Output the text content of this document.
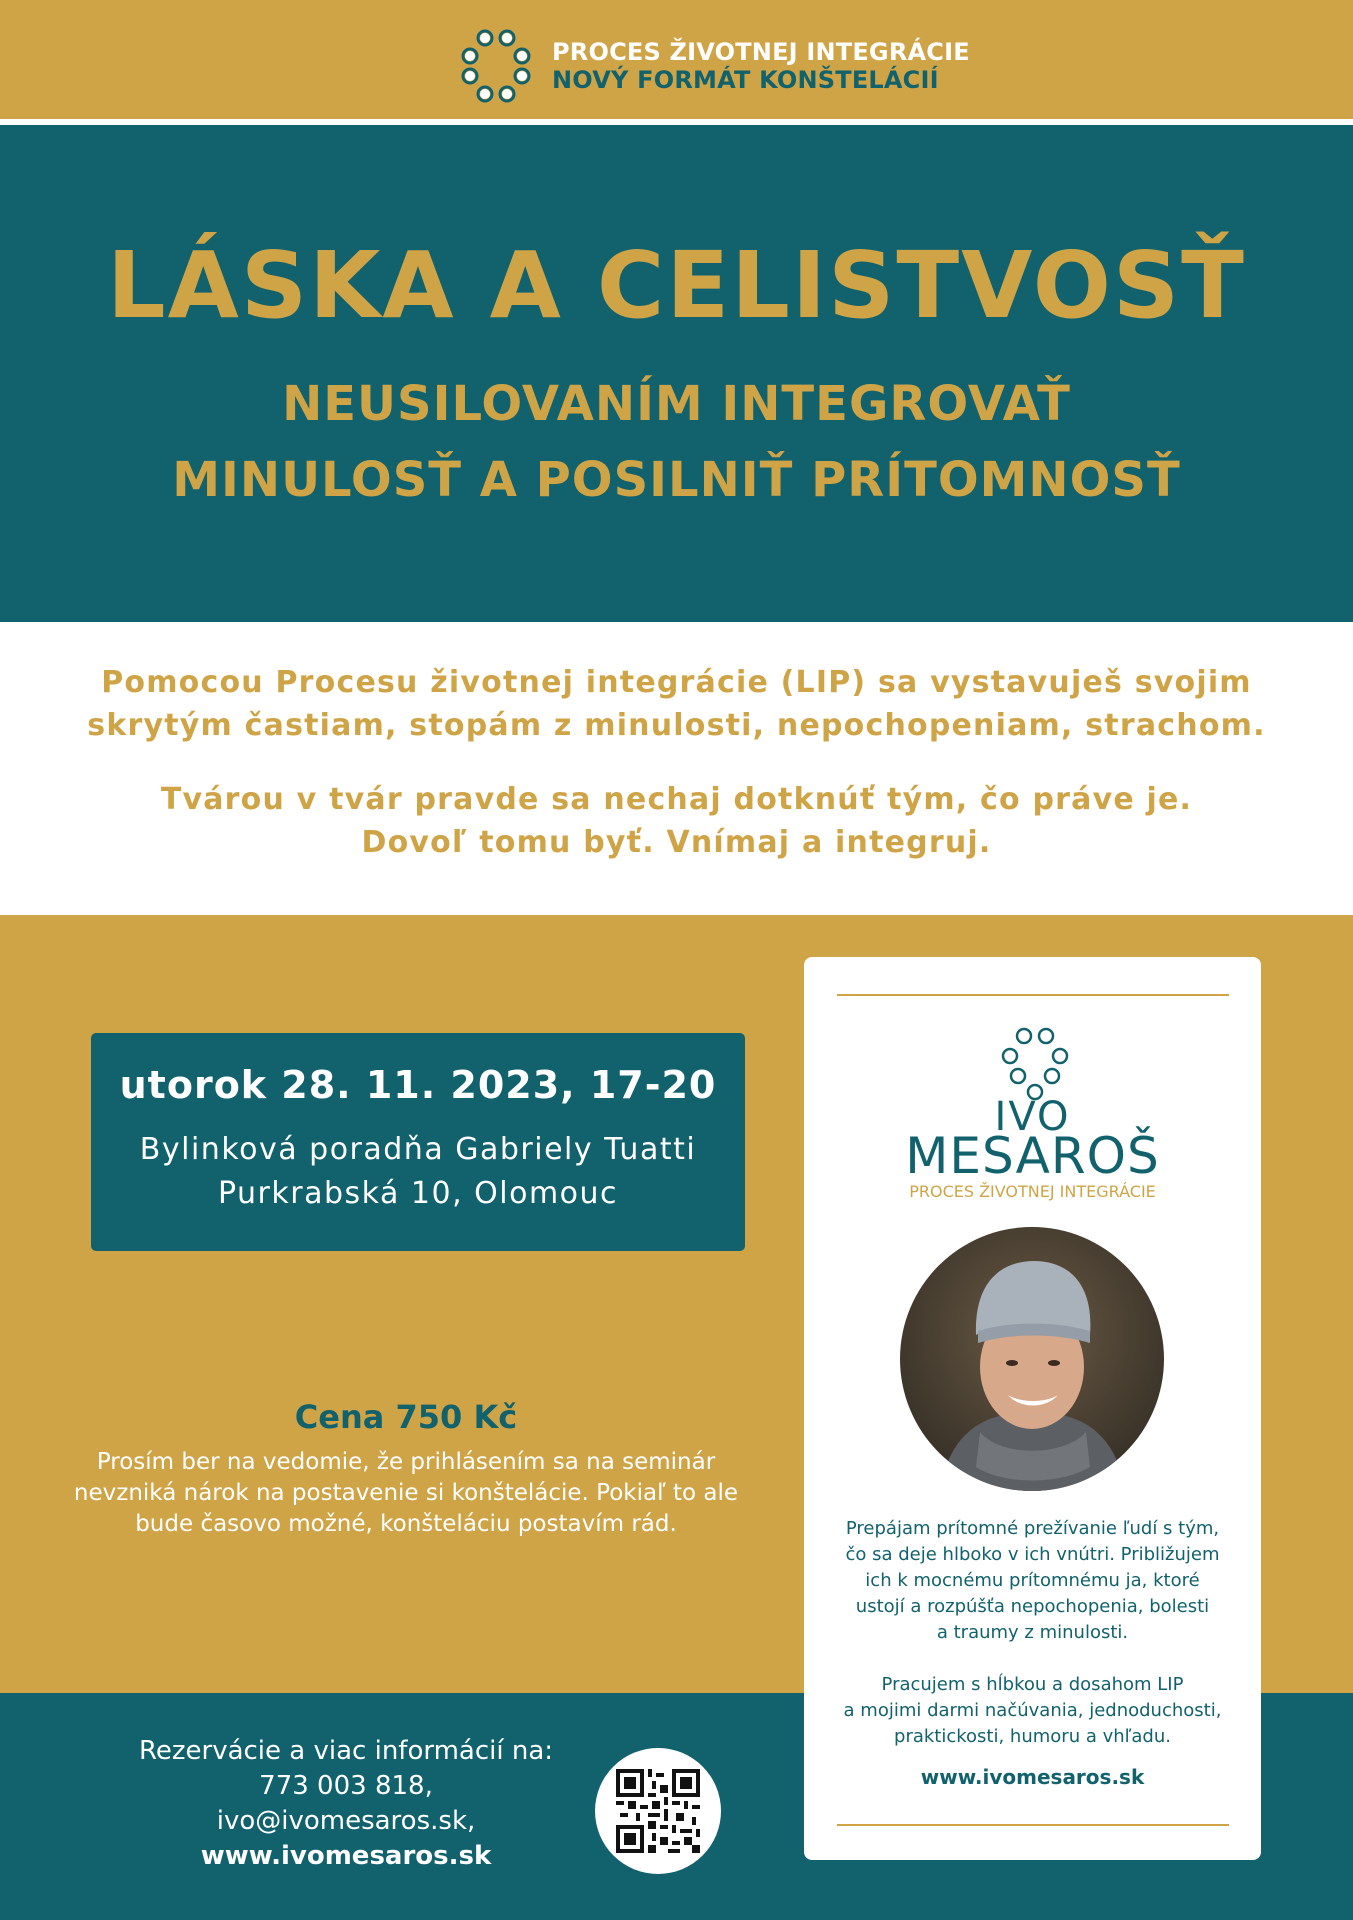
PROCES ŽIVOTNEJ INTEGRÁCIE
NOVÝ FORMÁT KONŠTELÁCIÍ
LÁSKA A CELISTVOSŤ
NEUSILOVANÍM INTEGROVAŤ
MINULOSŤ A POSILNIŤ PRÍTOMNOSŤ
Pomocou Procesu životnej integrácie (LIP) sa vystavuješ svojim
skrytým častiam, stopám z minulosti, nepochopeniam, strachom.
Tvárou v tvár pravde sa nechaj dotknúť tým, čo práve je.
Dovoľ tomu byť. Vnímaj a integruj.
utorok 28. 11. 2023, 17-20
Bylinková poradňa Gabriely Tuatti
Purkrabská 10, Olomouc
Cena 750 Kč
Prosím ber na vedomie, že prihlásením sa na seminár
nevzniká nárok na postavenie si konštelácie. Pokiaľ to ale
bude časovo možné, konšteláciu postavím rád.
Rezervácie a viac informácií na:
773 003 818,
ivo@ivomesaros.sk,
www.ivomesaros.sk
IVO
MESAROŠ
PROCES ŽIVOTNEJ INTEGRÁCIE
Prepájam prítomné prežívanie ľudí s tým,
čo sa deje hlboko v ich vnútri. Približujem
ich k mocnému prítomnému ja, ktoré
ustojí a rozpúšťa nepochopenia, bolesti
a traumy z minulosti.
Pracujem s hĺbkou a dosahom LIP
a mojimi darmi načúvania, jednoduchosti,
praktickosti, humoru a vhľadu.
www.ivomesaros.sk
